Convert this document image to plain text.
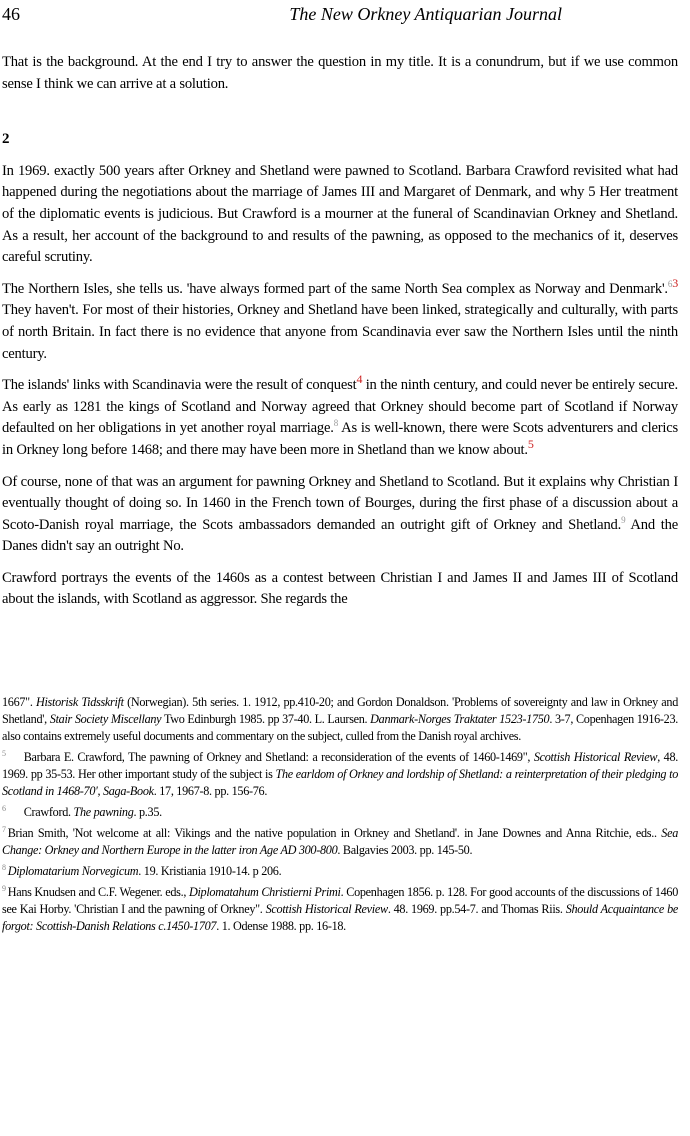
46	The New Orkney Antiquarian Journal

That is the background. At the end I try to answer the question in my title. It is a conundrum, but if we use common sense I think we can arrive at a solution.

2

In 1969. exactly 500 years after Orkney and Shetland were pawned to Scotland. Barbara Crawford revisited what had happened during the negotiations about the marriage of James III and Margaret of Denmark, and why 5 Her treatment of the diplomatic events is judicious. But Crawford is a mourner at the funeral of Scandinavian Orkney and Shetland. As a result, her account of the background to and results of the pawning, as opposed to the mechanics of it, deserves careful scrutiny.

The Northern Isles, she tells us. 'have always formed part of the same North Sea complex as Norway and Denmark'.$^{63}$ They haven't. For most of their histories, Orkney and Shetland have been linked, strategically and culturally, with parts of north Britain. In fact there is no evidence that anyone from Scandinavia ever saw the Northern Isles until the ninth century.

The islands' links with Scandinavia were the result of conquest$^4$ in the ninth century, and could never be entirely secure. As early as 1281 the kings of Scotland and Norway agreed that Orkney should become part of Scotland if Norway defaulted on her obligations in yet another royal marriage.$^8$ As is well-known, there were Scots adventurers and clerics in Orkney long before 1468; and there may have been more in Shetland than we know about.$^5$

Of course, none of that was an argument for pawning Orkney and Shetland to Scotland. But it explains why Christian I eventually thought of doing so. In 1460 in the French town of Bourges, during the first phase of a discussion about a Scoto-Danish royal marriage, the Scots ambassadors demanded an outright gift of Orkney and Shetland.$^9$ And the Danes didn't say an outright No.

Crawford portrays the events of the 1460s as a contest between Christian I and James II and James III of Scotland about the islands, with Scotland as aggressor. She regards the

1667". Historisk Tidsskrift (Norwegian). 5th series. 1. 1912, pp.410-20; and Gordon Donaldson. 'Problems of sovereignty and law in Orkney and Shetland', Stair Society Miscellany Two Edinburgh 1985. pp 37-40. L. Laursen. Danmark-Norges Traktater 1523-1750. 3-7, Copenhagen 1916-23. also contains extremely useful documents and commentary on the subject, culled from the Danish royal archives.

$^5$ Barbara E. Crawford, The pawning of Orkney and Shetland: a reconsideration of the events of 1460-1469", Scottish Historical Review, 48. 1969. pp 35-53. Her other important study of the subject is The earldom of Orkney and lordship of Shetland: a reinterpretation of their pledging to Scotland in 1468-70', Saga-Book. 17, 1967-8. pp. 156-76.

$^6$ Crawford. The pawning. p.35.

$^7$ Brian Smith, 'Not welcome at all: Vikings and the native population in Orkney and Shetland'. in Jane Downes and Anna Ritchie, eds.. Sea Change: Orkney and Northern Europe in the latter iron Age AD 300-800. Balgavies 2003. pp. 145-50.

$^8$ Diplomatarium Norvegicum. 19. Kristiania 1910-14. p 206.

$^9$ Hans Knudsen and C.F. Wegener. eds., Diplomatahum Christierni Primi. Copenhagen 1856. p. 128. For good accounts of the discussions of 1460 see Kai Horby. 'Christian I and the pawning of Orkney". Scottish Historical Review. 48. 1969. pp.54-7. and Thomas Riis. Should Acquaintance be forgot: Scottish-Danish Relations c.1450-1707. 1. Odense 1988. pp. 16-18.
